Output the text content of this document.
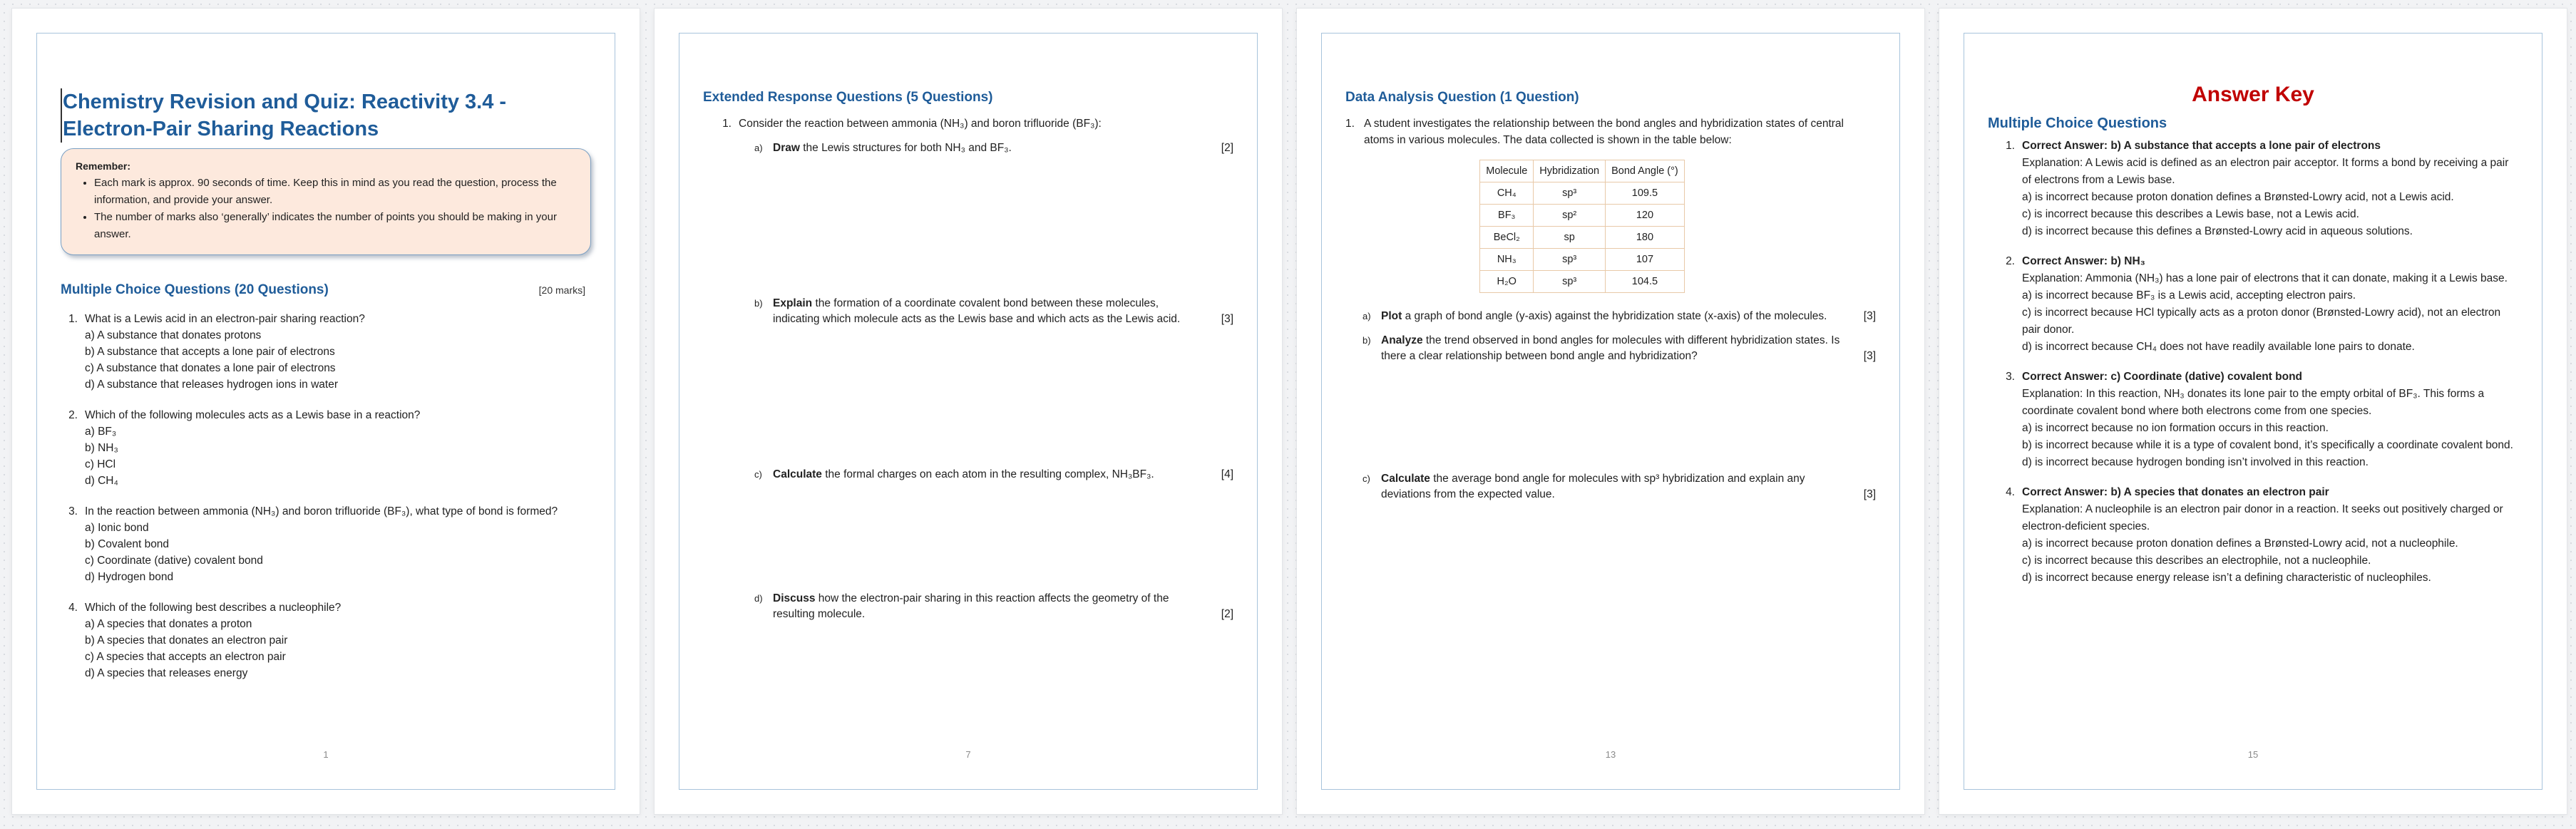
Chemistry Revision and Quiz: Reactivity 3.4 - Electron-Pair Sharing Reactions
Remember:
• Each mark is approx. 90 seconds of time. Keep this in mind as you read the question, process the information, and provide your answer.
• The number of marks also ‘generally’ indicates the number of points you should be making in your answer.
Multiple Choice Questions (20 Questions)	[20 marks]
1. What is a Lewis acid in an electron-pair sharing reaction?
a) A substance that donates protons
b) A substance that accepts a lone pair of electrons
c) A substance that donates a lone pair of electrons
d) A substance that releases hydrogen ions in water
2. Which of the following molecules acts as a Lewis base in a reaction?
a) BF₃
b) NH₃
c) HCl
d) CH₄
3. In the reaction between ammonia (NH₃) and boron trifluoride (BF₃), what type of bond is formed?
a) Ionic bond
b) Covalent bond
c) Coordinate (dative) covalent bond
d) Hydrogen bond
4. Which of the following best describes a nucleophile?
a) A species that donates a proton
b) A species that donates an electron pair
c) A species that accepts an electron pair
d) A species that releases energy
1
Extended Response Questions (5 Questions)
1. Consider the reaction between ammonia (NH₃) and boron trifluoride (BF₃):
a) Draw the Lewis structures for both NH₃ and BF₃.	[2]
b) Explain the formation of a coordinate covalent bond between these molecules, indicating which molecule acts as the Lewis base and which acts as the Lewis acid.	[3]
c) Calculate the formal charges on each atom in the resulting complex, NH₃BF₃.	[4]
d) Discuss how the electron-pair sharing in this reaction affects the geometry of the resulting molecule.	[2]
7
Data Analysis Question (1 Question)
1. A student investigates the relationship between the bond angles and hybridization states of central atoms in various molecules. The data collected is shown in the table below:
Molecule	Hybridization	Bond Angle (°)
CH₄	sp³	109.5
BF₃	sp²	120
BeCl₂	sp	180
NH₃	sp³	107
H₂O	sp³	104.5
a) Plot a graph of bond angle (y-axis) against the hybridization state (x-axis) of the molecules.	[3]
b) Analyze the trend observed in bond angles for molecules with different hybridization states. Is there a clear relationship between bond angle and hybridization?	[3]
c) Calculate the average bond angle for molecules with sp³ hybridization and explain any deviations from the expected value.	[3]
13
Answer Key
Multiple Choice Questions
1. Correct Answer: b) A substance that accepts a lone pair of electrons
Explanation: A Lewis acid is defined as an electron pair acceptor. It forms a bond by receiving a pair of electrons from a Lewis base.
a) is incorrect because proton donation defines a Brønsted-Lowry acid, not a Lewis acid.
c) is incorrect because this describes a Lewis base, not a Lewis acid.
d) is incorrect because this defines a Brønsted-Lowry acid in aqueous solutions.
2. Correct Answer: b) NH₃
Explanation: Ammonia (NH₃) has a lone pair of electrons that it can donate, making it a Lewis base.
a) is incorrect because BF₃ is a Lewis acid, accepting electron pairs.
c) is incorrect because HCl typically acts as a proton donor (Brønsted-Lowry acid), not an electron pair donor.
d) is incorrect because CH₄ does not have readily available lone pairs to donate.
3. Correct Answer: c) Coordinate (dative) covalent bond
Explanation: In this reaction, NH₃ donates its lone pair to the empty orbital of BF₃. This forms a coordinate covalent bond where both electrons come from one species.
a) is incorrect because no ion formation occurs in this reaction.
b) is incorrect because while it is a type of covalent bond, it’s specifically a coordinate covalent bond.
d) is incorrect because hydrogen bonding isn’t involved in this reaction.
4. Correct Answer: b) A species that donates an electron pair
Explanation: A nucleophile is an electron pair donor in a reaction. It seeks out positively charged or electron-deficient species.
a) is incorrect because proton donation defines a Brønsted-Lowry acid, not a nucleophile.
c) is incorrect because this describes an electrophile, not a nucleophile.
d) is incorrect because energy release isn’t a defining characteristic of nucleophiles.
15
